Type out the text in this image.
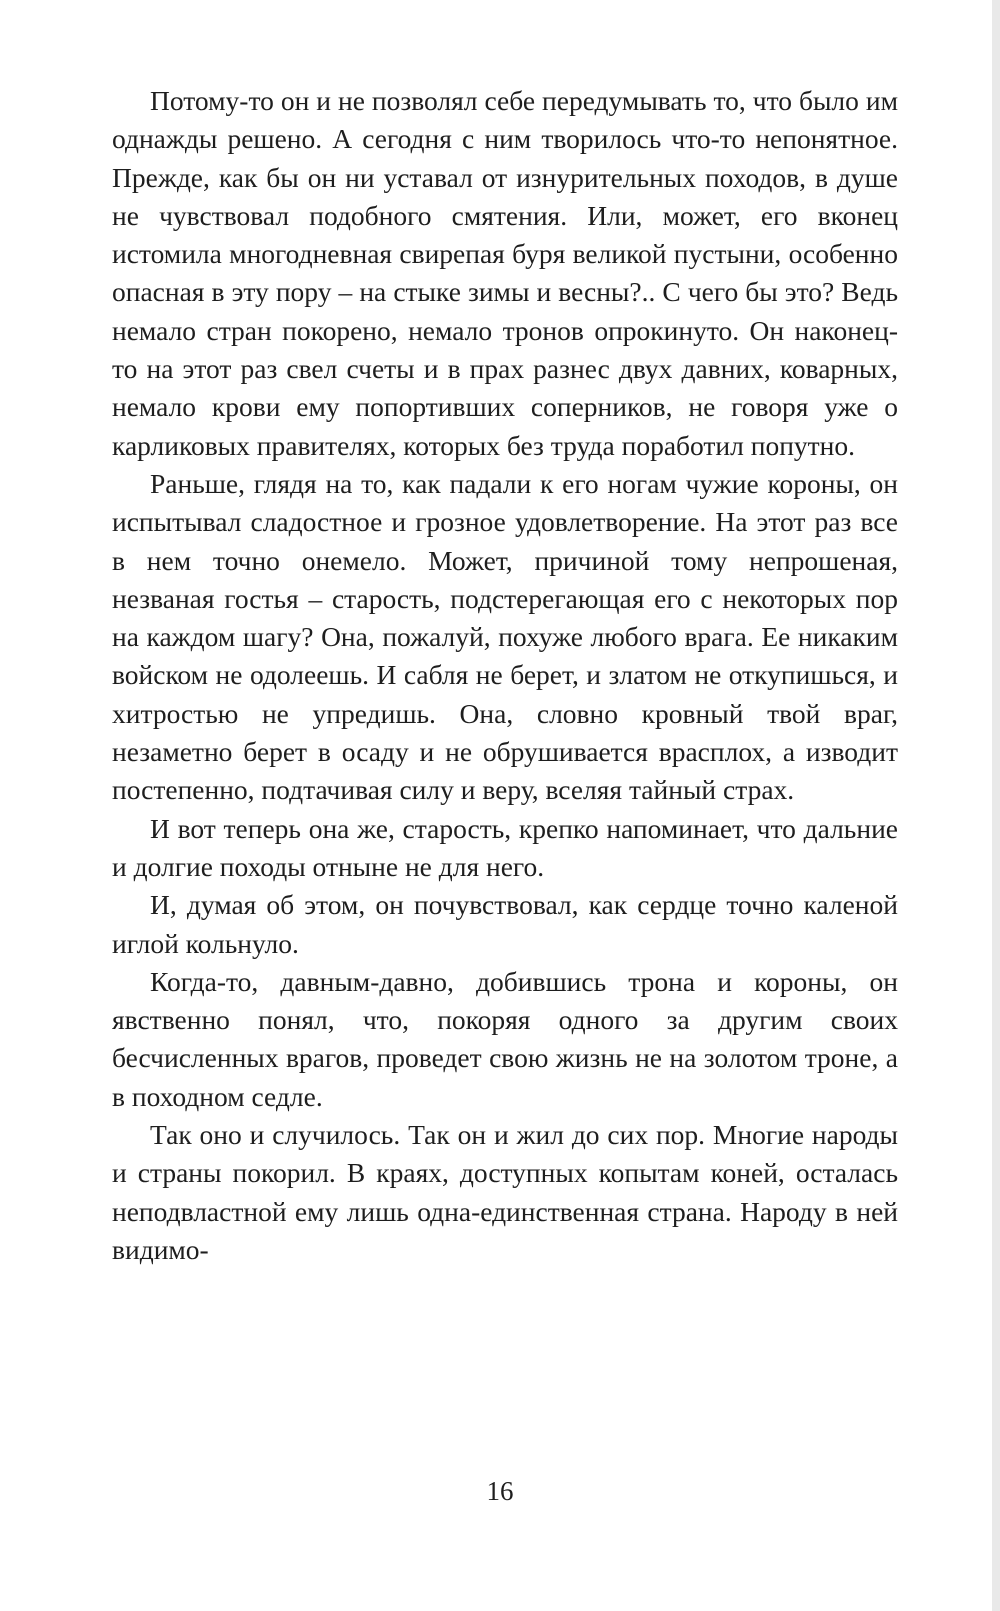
Потому-то он и не позволял себе передумывать то, что было им однажды решено. А сегодня с ним творилось что-то непонятное. Прежде, как бы он ни уставал от изнурительных походов, в душе не чувствовал подобного смятения. Или, может, его вконец истомила многодневная свирепая буря великой пустыни, особенно опасная в эту пору – на стыке зимы и весны?.. С чего бы это? Ведь немало стран покорено, немало тронов опрокинуто. Он наконец-то на этот раз свел счеты и в прах разнес двух давних, коварных, немало крови ему попортивших соперников, не говоря уже о карликовых правителях, которых без труда поработил попутно.

Раньше, глядя на то, как падали к его ногам чужие короны, он испытывал сладостное и грозное удовлетворение. На этот раз все в нем точно онемело. Может, причиной тому непрошеная, незваная гостья – старость, подстерегающая его с некоторых пор на каждом шагу? Она, пожалуй, похуже любого врага. Ее никаким войском не одолеешь. И сабля не берет, и златом не откупишься, и хитростью не упредишь. Она, словно кровный твой враг, незаметно берет в осаду и не обрушивается врасплох, а изводит постепенно, подтачивая силу и веру, вселяя тайный страх.

И вот теперь она же, старость, крепко напоминает, что дальние и долгие походы отныне не для него.

И, думая об этом, он почувствовал, как сердце точно каленой иглой кольнуло.

Когда-то, давным-давно, добившись трона и короны, он явственно понял, что, покоряя одного за другим своих бесчисленных врагов, проведет свою жизнь не на золотом троне, а в походном седле.

Так оно и случилось. Так он и жил до сих пор. Многие народы и страны покорил. В краях, доступных копытам коней, осталась неподвластной ему лишь одна-единственная страна. Народу в ней видимо-

16
